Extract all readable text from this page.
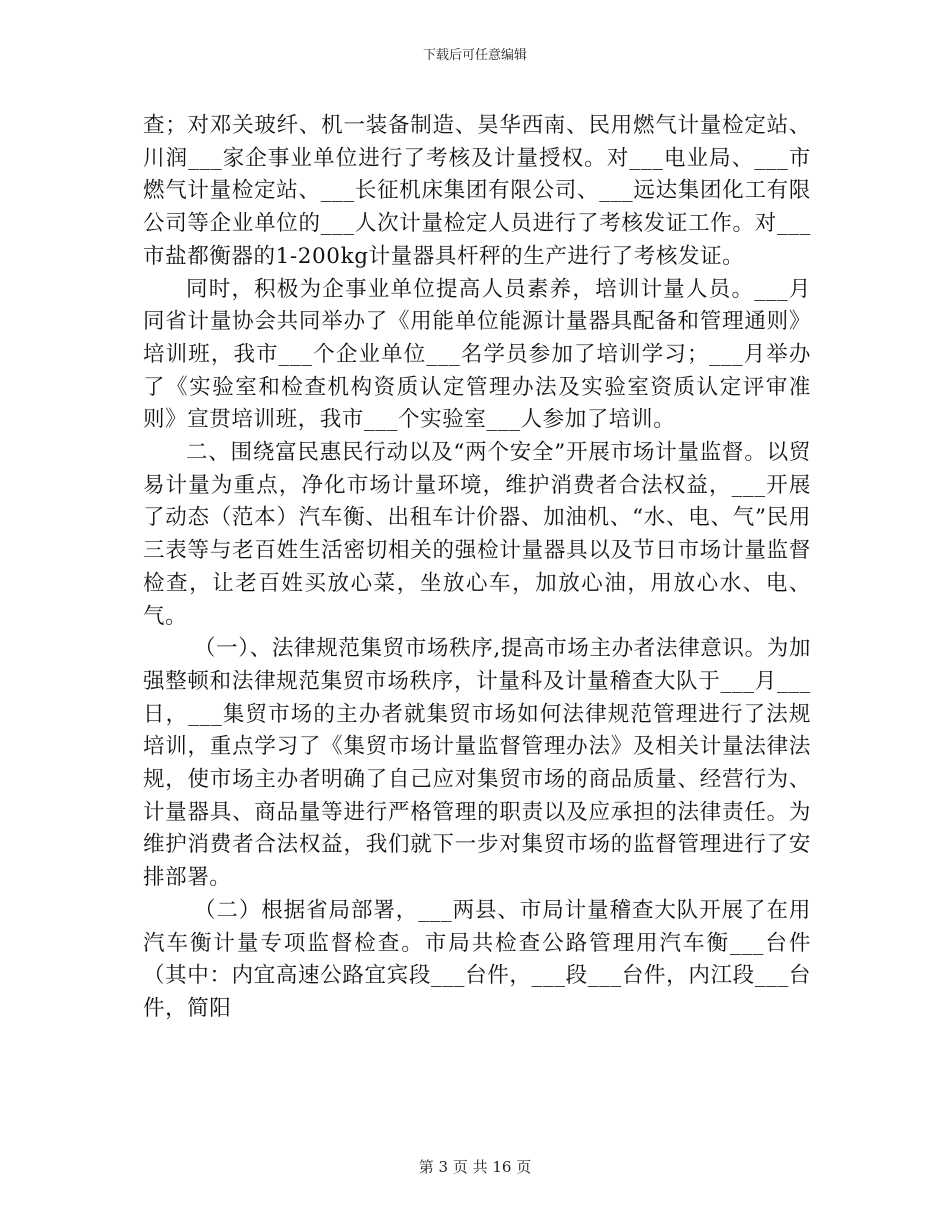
下载后可任意编辑

查；对邓关玻纤、机一装备制造、昊华西南、民用燃气计量检定站、川润___家企事业单位进行了考核及计量授权。对___电业局、___市燃气计量检定站、___长征机床集团有限公司、___远达集团化工有限公司等企业单位的___人次计量检定人员进行了考核发证工作。对___市盐都衡器的1-200kg计量器具杆秤的生产进行了考核发证。

同时，积极为企事业单位提高人员素养，培训计量人员。___月同省计量协会共同举办了《用能单位能源计量器具配备和管理通则》培训班，我市___个企业单位___名学员参加了培训学习；___月举办了《实验室和检查机构资质认定管理办法及实验室资质认定评审准则》宣贯培训班，我市___个实验室___人参加了培训。

二、围绕富民惠民行动以及“两个安全”开展市场计量监督。以贸易计量为重点，净化市场计量环境，维护消费者合法权益，___开展了动态（范本）汽车衡、出租车计价器、加油机、“水、电、气”民用三表等与老百姓生活密切相关的强检计量器具以及节日市场计量监督检查，让老百姓买放心菜，坐放心车，加放心油，用放心水、电、气。

（一）、法律规范集贸市场秩序,提高市场主办者法律意识。为加强整顿和法律规范集贸市场秩序，计量科及计量稽查大队于___月___日，___集贸市场的主办者就集贸市场如何法律规范管理进行了法规培训，重点学习了《集贸市场计量监督管理办法》及相关计量法律法规，使市场主办者明确了自己应对集贸市场的商品质量、经营行为、计量器具、商品量等进行严格管理的职责以及应承担的法律责任。为维护消费者合法权益，我们就下一步对集贸市场的监督管理进行了安排部署。

（二）根据省局部署，___两县、市局计量稽查大队开展了在用汽车衡计量专项监督检查。市局共检查公路管理用汽车衡___台件（其中：内宜高速公路宜宾段___台件，___段___台件，内江段___台件，简阳

第 3 页 共 16 页
